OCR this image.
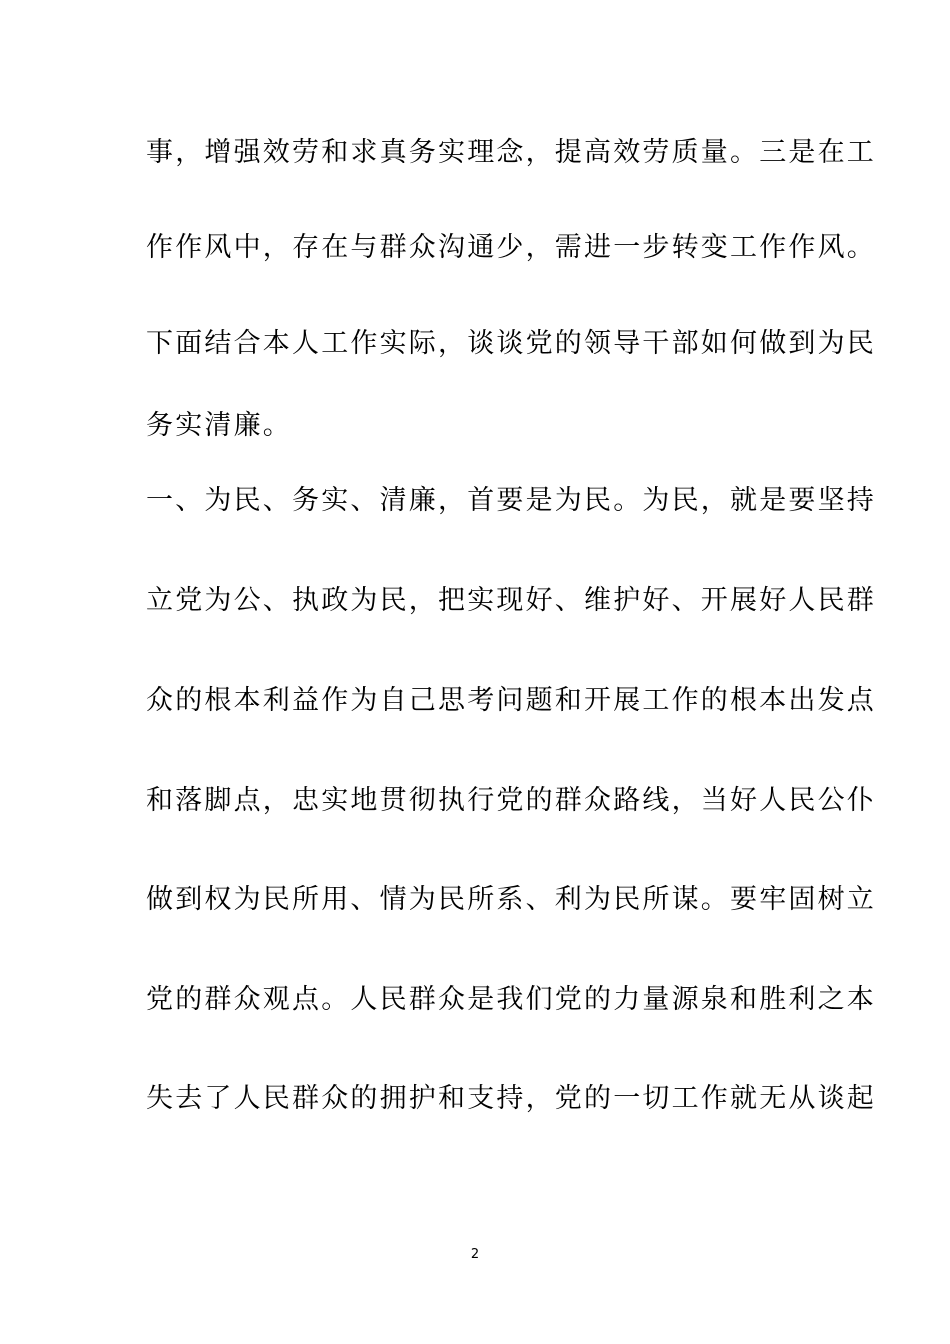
事，增强效劳和求真务实理念，提高效劳质量。三是在工
作作风中，存在与群众沟通少，需进一步转变工作作风。
下面结合本人工作实际，谈谈党的领导干部如何做到为民
务实清廉。
一、为民、务实、清廉，首要是为民。为民，就是要坚持
立党为公、执政为民，把实现好、维护好、开展好人民群
众的根本利益作为自己思考问题和开展工作的根本出发点
和落脚点，忠实地贯彻执行党的群众路线，当好人民公仆
做到权为民所用、情为民所系、利为民所谋。要牢固树立
党的群众观点。人民群众是我们党的力量源泉和胜利之本
失去了人民群众的拥护和支持，党的一切工作就无从谈起
2
